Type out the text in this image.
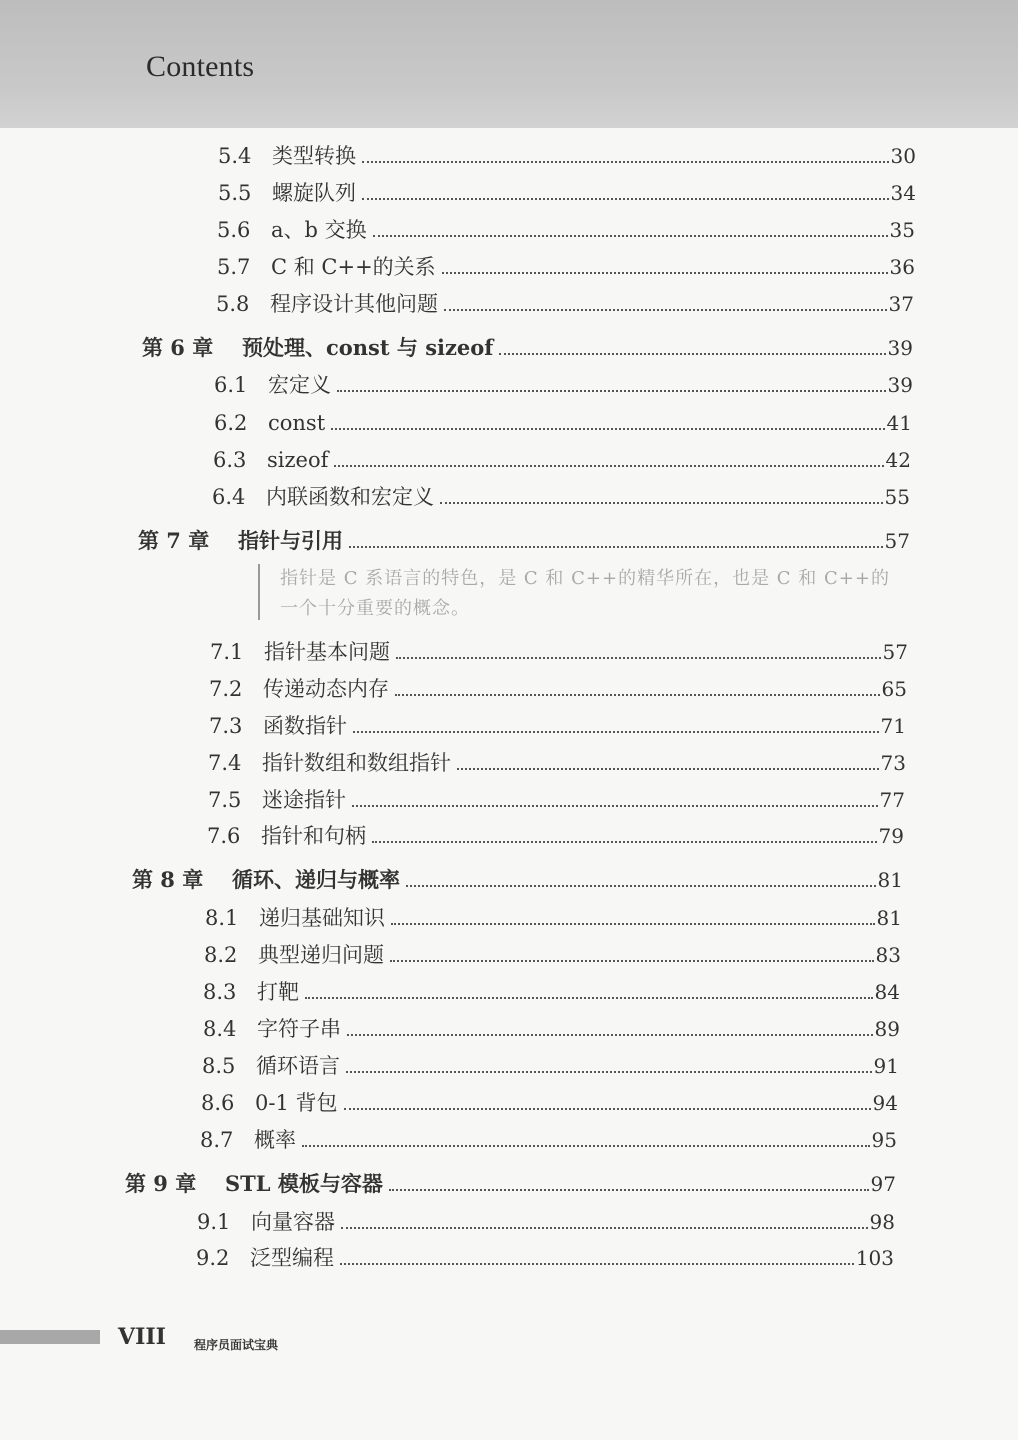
Contents
5.4 类型转换	30
5.5 螺旋队列	34
5.6 a、b 交换	35
5.7 C 和 C++的关系	36
5.8 程序设计其他问题	37
第 6 章	预处理、const 与 sizeof	39
6.1 宏定义	39
6.2 const	41
6.3 sizeof	42
6.4 内联函数和宏定义	55
第 7 章	指针与引用	57
指针是 C 系语言的特色，是 C 和 C++的精华所在，也是 C 和 C++的
一个十分重要的概念。
7.1 指针基本问题	57
7.2 传递动态内存	65
7.3 函数指针	71
7.4 指针数组和数组指针	73
7.5 迷途指针	77
7.6 指针和句柄	79
第 8 章	循环、递归与概率	81
8.1 递归基础知识	81
8.2 典型递归问题	83
8.3 打靶	84
8.4 字符子串	89
8.5 循环语言	91
8.6 0-1 背包	94
8.7 概率	95
第 9 章	STL 模板与容器	97
9.1 向量容器	98
9.2 泛型编程	103
VIII 程序员面试宝典
